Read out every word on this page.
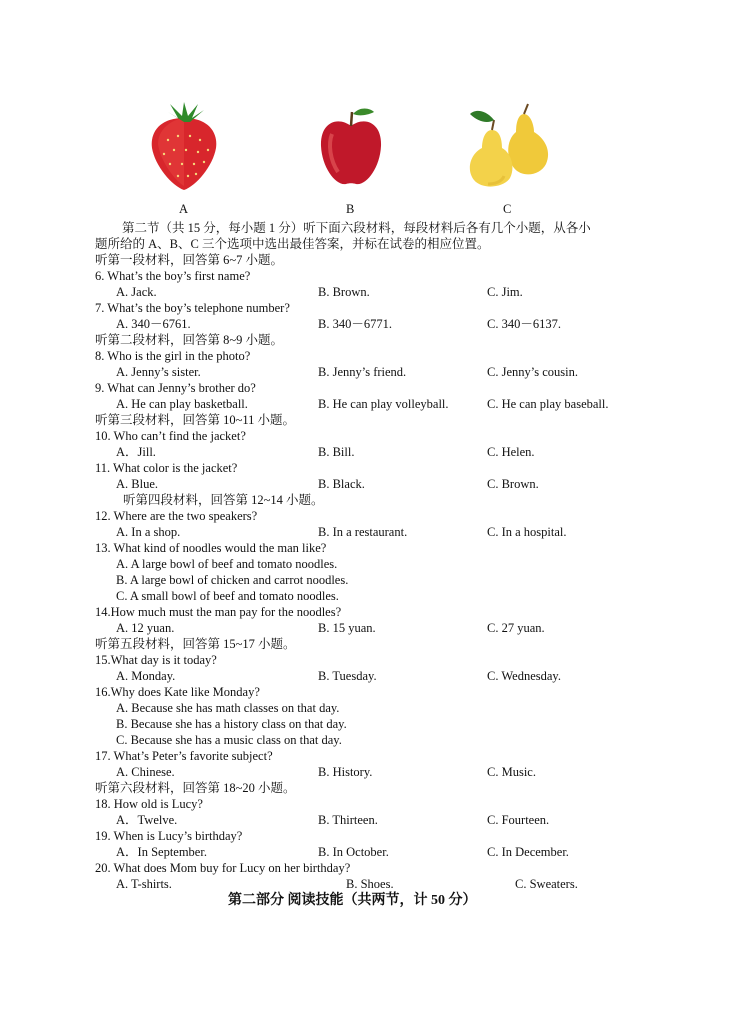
A	B	C
第二节（共 15 分，每小题 1 分）听下面六段材料，每段材料后各有几个小题，从各小
题所给的 A、B、C 三个选项中选出最佳答案，并标在试卷的相应位置。
听第一段材料，回答第 6~7 小题。
6. What’s the boy’s first name?
A. Jack.	B. Brown.	C. Jim.
7. What’s the boy’s telephone number?
A. 340－6761.	B. 340－6771.	C. 340－6137.
听第二段材料，回答第 8~9 小题。
8. Who is the girl in the photo?
A. Jenny’s sister.	B. Jenny’s friend.	C. Jenny’s cousin.
9. What can Jenny’s brother do?
A. He can play basketball.	B. He can play volleyball.	C. He can play baseball.
听第三段材料，回答第 10~11 小题。
10. Who can’t find the jacket?
A．Jill.	B. Bill.	C. Helen.
11. What color is the jacket?
A. Blue.	B. Black.	C. Brown.
听第四段材料，回答第 12~14 小题。
12. Where are the two speakers?
A. In a shop.	B. In a restaurant.	C. In a hospital.
13. What kind of noodles would the man like?
A. A large bowl of beef and tomato noodles.
B. A large bowl of chicken and carrot noodles.
C. A small bowl of beef and tomato noodles.
14.How much must the man pay for the noodles?
A. 12 yuan.	B. 15 yuan.	C. 27 yuan.
听第五段材料，回答第 15~17 小题。
15.What day is it today?
A. Monday.	B. Tuesday.	C. Wednesday.
16.Why does Kate like Monday?
A. Because she has math classes on that day.
B. Because she has a history class on that day.
C. Because she has a music class on that day.
17. What’s Peter’s favorite subject?
A. Chinese.	B. History.	C. Music.
听第六段材料，回答第 18~20 小题。
18. How old is Lucy?
A．Twelve.	B. Thirteen.	C. Fourteen.
19. When is Lucy’s birthday?
A．In September.	B. In October.	C. In December.
20. What does Mom buy for Lucy on her birthday?
A. T-shirts.	B. Shoes.	C. Sweaters.
第二部分 阅读技能（共两节，计 50 分）
